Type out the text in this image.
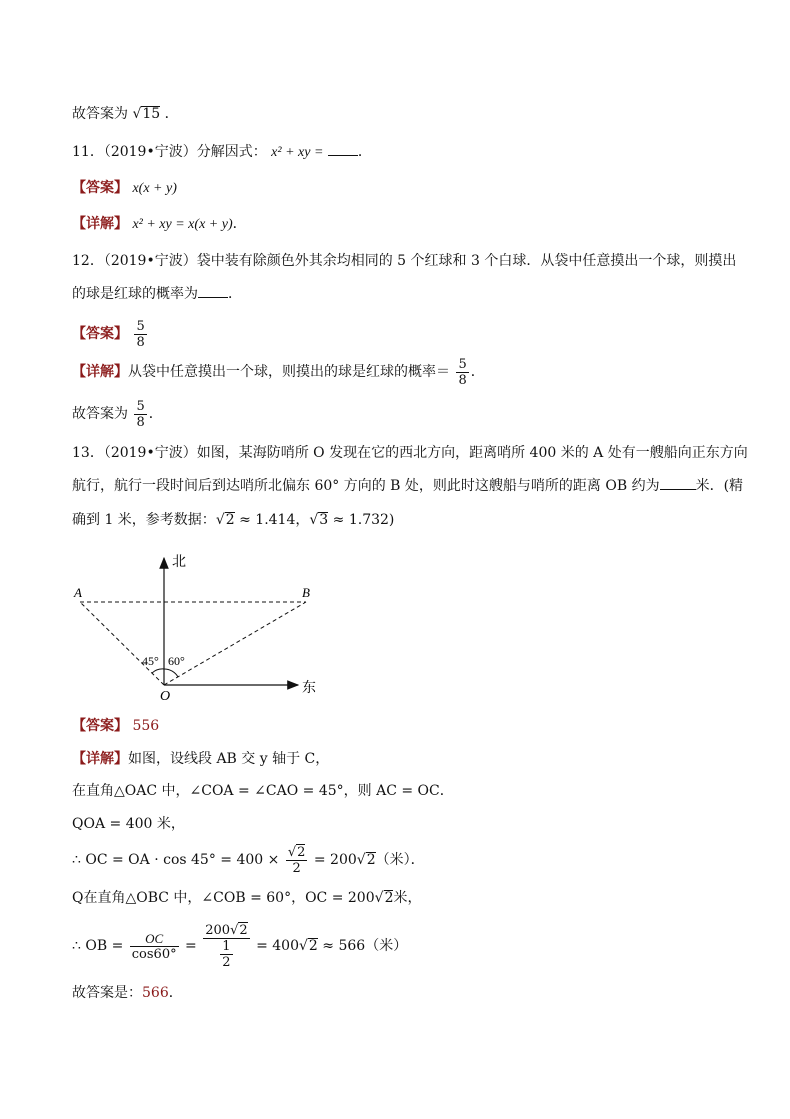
故答案为 √15 ．
11．（2019•宁波）分解因式： x² + xy = ．
【答案】 x(x + y)
【详解】 x² + xy = x(x + y)．
12．（2019•宁波）袋中装有除颜色外其余均相同的 5 个红球和 3 个白球．从袋中任意摸出一个球，则摸出
的球是红球的概率为 ．
【答案】 $\frac{5}{8}$
【详解】从袋中任意摸出一个球，则摸出的球是红球的概率＝ $\frac{5}{8}$ ．
故答案为 $\frac{5}{8}$ ．
13．（2019•宁波）如图，某海防哨所 O 发现在它的西北方向，距离哨所 400 米的 A 处有一艘船向正东方向
航行，航行一段时间后到达哨所北偏东 60° 方向的 B 处，则此时这艘船与哨所的距离 OB 约为	米．(精
确到 1 米，参考数据：√2 ≈ 1.414，√3 ≈ 1.732)
北
东
A	B
O
45° 60°
【答案】 556
【详解】如图，设线段 AB 交 y 轴于 C，
在直角△OAC 中，∠COA = ∠CAO = 45°，则 AC = OC．
QOA = 400 米，
∴ OC = OA · $\cos 45^\circ = 400 \times \frac{√2}{2} = 200√2$（米）．
Q在直角△OBC 中，∠COB = 60°，OC = 200√2米，
∴ OB = $\frac{OC}{\cos 60^\circ} = \frac{200√2}{\frac{1}{2}} = 400√2 \approx 566$（米）
故答案是：566．
